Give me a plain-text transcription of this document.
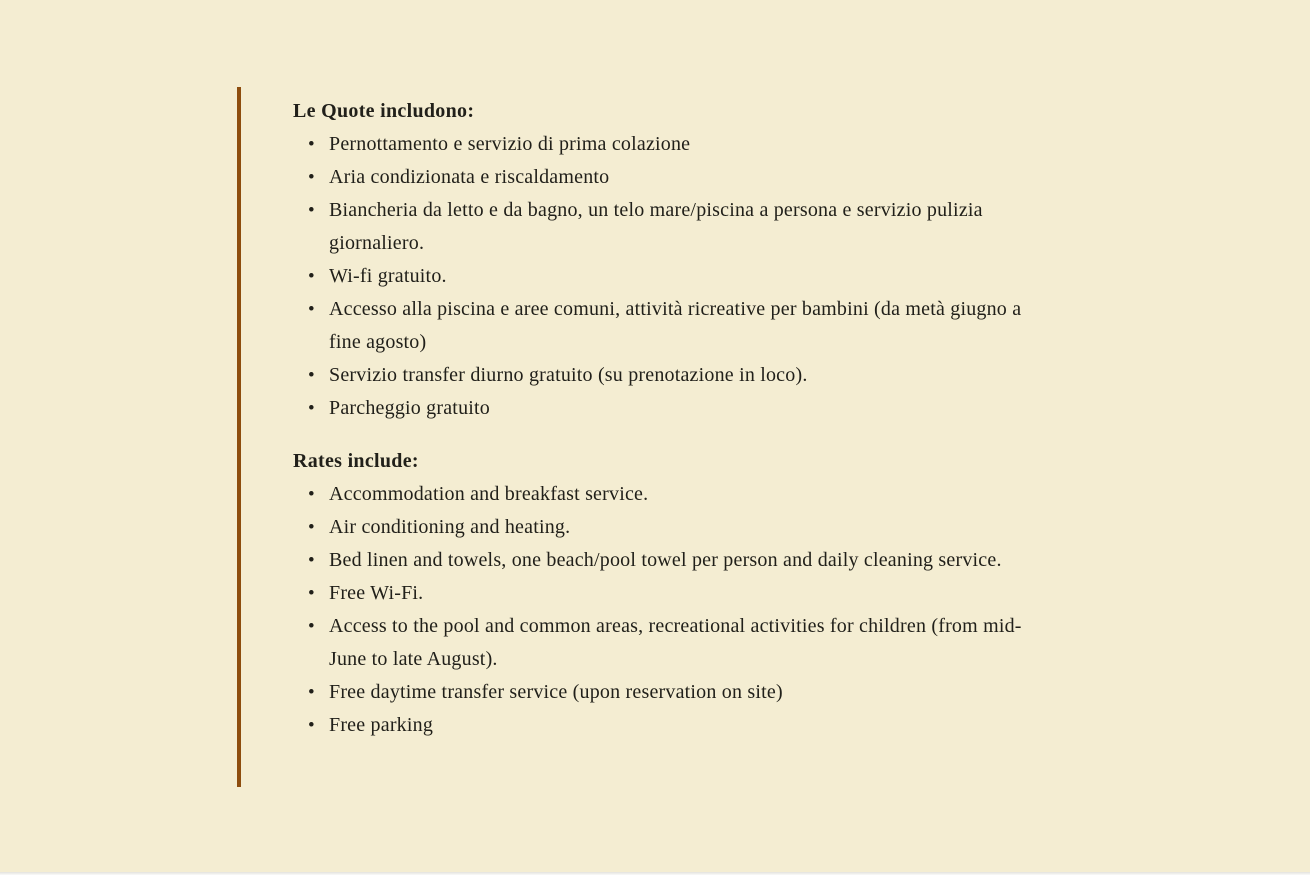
Le Quote includono:
• Pernottamento e servizio di prima colazione
• Aria condizionata e riscaldamento
• Biancheria da letto e da bagno, un telo mare/piscina a persona e servizio pulizia giornaliero.
• Wi-fi gratuito.
• Accesso alla piscina e aree comuni, attività ricreative per bambini (da metà giugno a fine agosto)
• Servizio transfer diurno gratuito (su prenotazione in loco).
• Parcheggio gratuito
Rates include:
• Accommodation and breakfast service.
• Air conditioning and heating.
• Bed linen and towels, one beach/pool towel per person and daily cleaning service.
• Free Wi-Fi.
• Access to the pool and common areas, recreational activities for children (from mid-June to late August).
• Free daytime transfer service (upon reservation on site)
• Free parking
